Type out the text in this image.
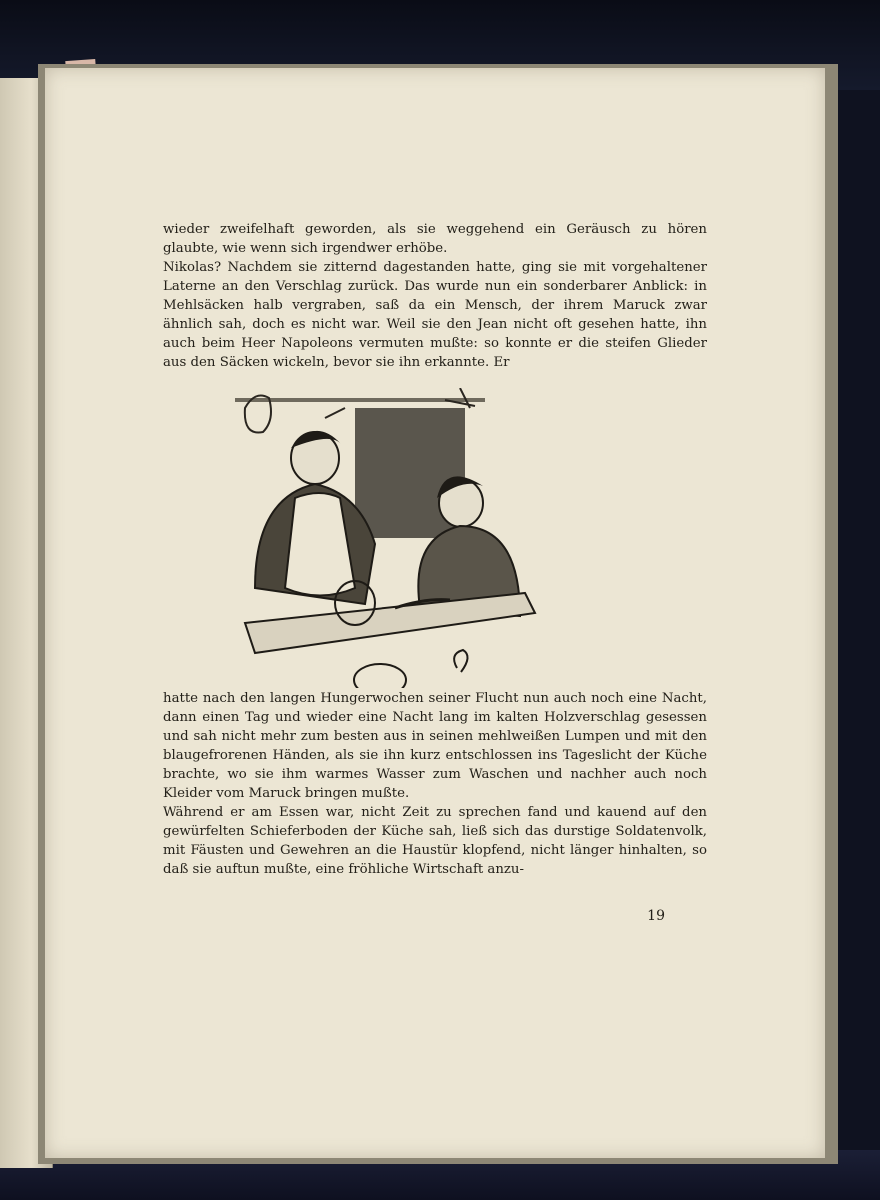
wieder zweifelhaft geworden, als sie weggehend ein Geräusch zu hören glaubte, wie wenn sich irgendwer erhöbe.
Nikolas? Nachdem sie zitternd dagestanden hatte, ging sie mit vorgehaltener Laterne an den Verschlag zurück. Das wurde nun ein sonderbarer Anblick: in Mehlsäcken halb vergraben, saß da ein Mensch, der ihrem Maruck zwar ähnlich sah, doch es nicht war. Weil sie den Jean nicht oft gesehen hatte, ihn auch beim Heer Napoleons vermuten mußte: so konnte er die steifen Glieder aus den Säcken wickeln, bevor sie ihn erkannte. Er
hatte nach den langen Hungerwochen seiner Flucht nun auch noch eine Nacht, dann einen Tag und wieder eine Nacht lang im kalten Holzverschlag gesessen und sah nicht mehr zum besten aus in seinen mehlweißen Lumpen und mit den blaugefrorenen Händen, als sie ihn kurz entschlossen ins Tageslicht der Küche brachte, wo sie ihm warmes Wasser zum Waschen und nachher auch noch Kleider vom Maruck bringen mußte.
Während er am Essen war, nicht Zeit zu sprechen fand und kauend auf den gewürfelten Schieferboden der Küche sah, ließ sich das durstige Soldatenvolk, mit Fäusten und Gewehren an die Haustür klopfend, nicht länger hinhalten, so daß sie auftun mußte, eine fröhliche Wirtschaft anzu-
19
